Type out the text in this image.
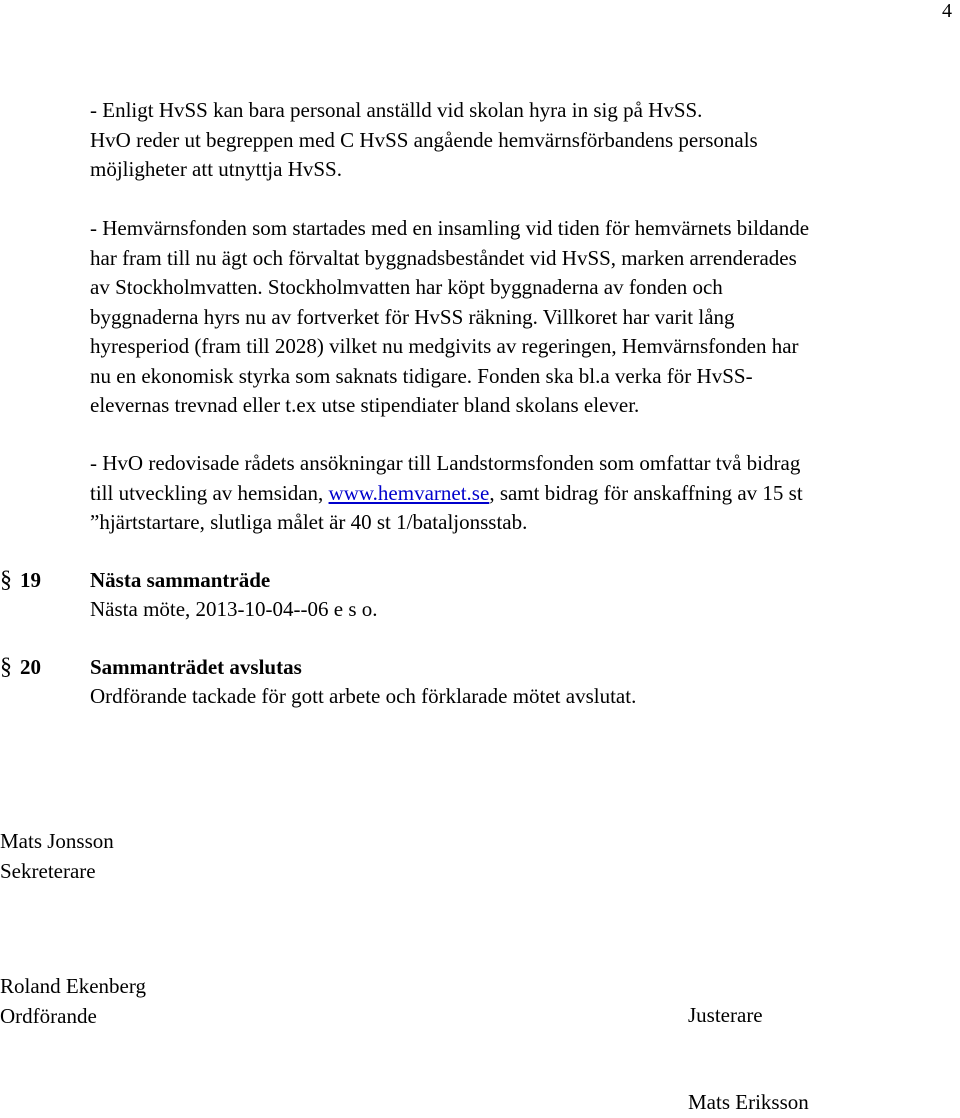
4
- Enligt HvSS kan bara personal anställd vid skolan hyra in sig på HvSS.
HvO reder ut begreppen med C HvSS angående hemvärnsförbandens personals
möjligheter att utnyttja HvSS.
- Hemvärnsfonden som startades med en insamling vid tiden för hemvärnets bildande
har fram till nu ägt och förvaltat byggnadsbeståndet vid HvSS, marken arrenderades
av Stockholmvatten. Stockholmvatten har köpt byggnaderna av fonden och
byggnaderna hyrs nu av fortverket för HvSS räkning. Villkoret har varit lång
hyresperiod (fram till 2028) vilket nu medgivits av regeringen, Hemvärnsfonden har
nu en ekonomisk styrka som saknats tidigare. Fonden ska bl.a verka för HvSS-
elevernas trevnad eller t.ex utse stipendiater bland skolans elever.
- HvO redovisade rådets ansökningar till Landstormsfonden som omfattar två bidrag
till utveckling av hemsidan, www.hemvarnet.se, samt bidrag för anskaffning av 15 st
”hjärtstartare, slutliga målet är 40 st 1/bataljonsstab.
§ 19 Nästa sammanträde
Nästa möte, 2013-10-04--06 e s o.
§ 20 Sammanträdet avslutas
Ordförande tackade för gott arbete och förklarade mötet avslutat.
Mats Jonsson
Sekreterare
Roland Ekenberg
Ordförande	Justerare
Mats Eriksson
